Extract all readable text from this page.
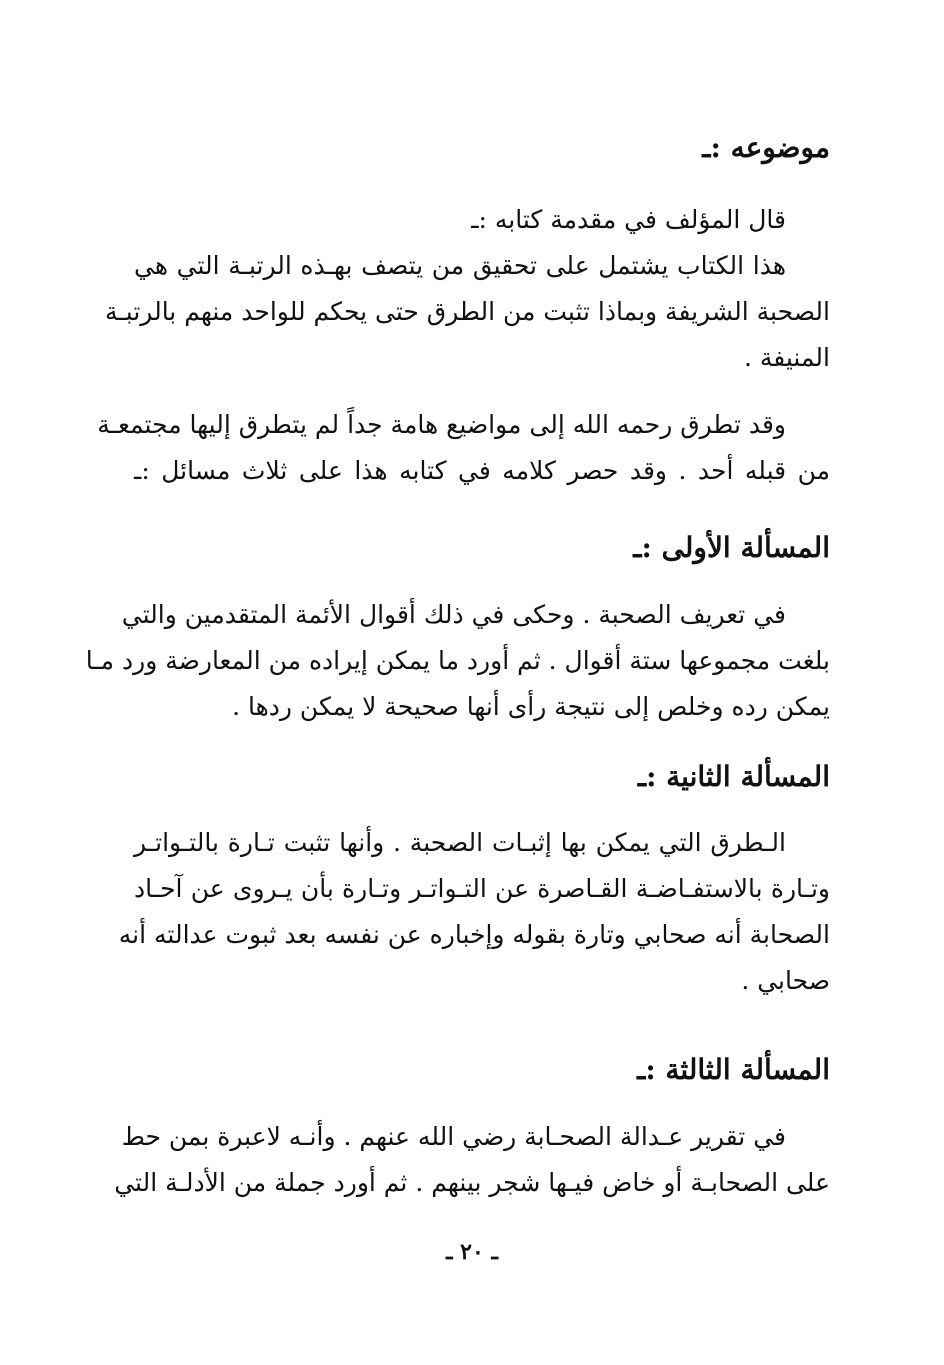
موضوعه :ـ
قال المؤلف في مقدمة كتابه :ـ
هذا الكتاب يشتمل على تحقيق من يتصف بهـذه الرتبـة التي هي
الصحبة الشريفة وبماذا تثبت من الطرق حتى يحكم للواحد منهم بالرتبـة
المنيفة .
وقد تطرق رحمه الله إلى مواضيع هامة جداً لم يتطرق إليها مجتمعـة
من قبله أحد . وقد حصر كلامه في كتابه هذا على ثلاث مسائل :ـ
المسألة الأولى :ـ
في تعريف الصحبة . وحكى في ذلك أقوال الأئمة المتقدمين والتي
بلغت مجموعها ستة أقوال . ثم أورد ما يمكن إيراده من المعارضة ورد مـا
يمكن رده وخلص إلى نتيجة رأى أنها صحيحة لا يمكن ردها .
المسألة الثانية :ـ
الـطرق التي يمكن بها إثبـات الصحبة . وأنها تثبت تـارة بالتـواتـر
وتـارة بالاستفـاضـة القـاصرة عن التـواتـر وتـارة بأن يـروى عن آحـاد
الصحابة أنه صحابي وتارة بقوله وإخباره عن نفسه بعد ثبوت عدالته أنه
صحابي .
المسألة الثالثة :ـ
في تقرير عـدالة الصحـابة رضي الله عنهم . وأنـه لاعبرة بمن حط
على الصحابـة أو خاض فيـها شجر بينهم . ثم أورد جملة من الأدلـة التي
ـ ٢٠ ـ
